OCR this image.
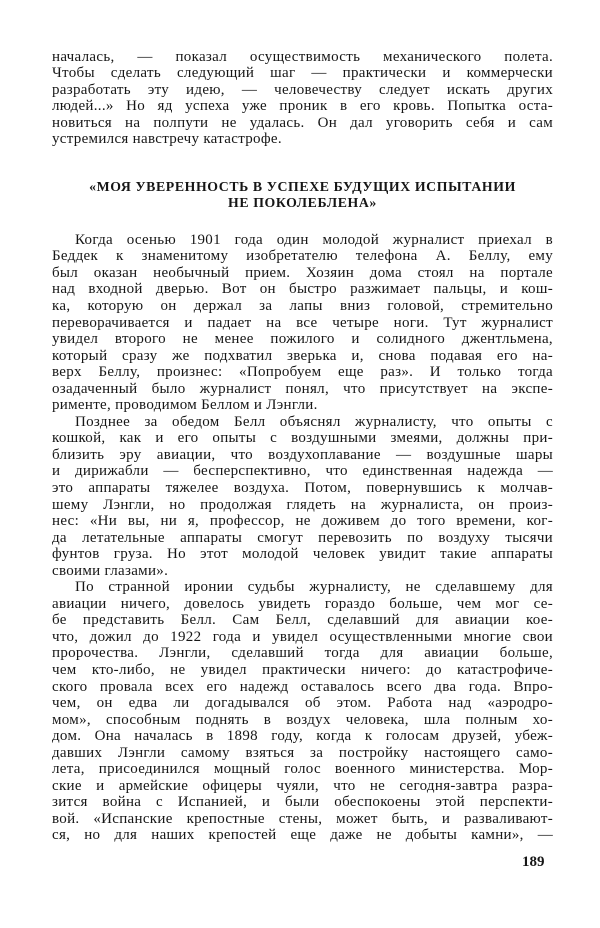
началась, — показал осуществимость механического полета.
Чтобы сделать следующий шаг — практически и коммерчески
разработать эту идею, — человечеству следует искать других
людей...» Но яд успеха уже проник в его кровь. Попытка оста-
новиться на полпути не удалась. Он дал уговорить себя и сам
устремился навстречу катастрофе.
«МОЯ УВЕРЕННОСТЬ В УСПЕХЕ БУДУЩИХ ИСПЫТАНИИ
НЕ ПОКОЛЕБЛЕНА»
Когда осенью 1901 года один молодой журналист приехал в
Беддек к знаменитому изобретателю телефона А. Беллу, ему
был оказан необычный прием. Хозяин дома стоял на портале
над входной дверью. Вот он быстро разжимает пальцы, и кош-
ка, которую он держал за лапы вниз головой, стремительно
переворачивается и падает на все четыре ноги. Тут журналист
увидел второго не менее пожилого и солидного джентльмена,
который сразу же подхватил зверька и, снова подавая его на-
верх Беллу, произнес: «Попробуем еще раз». И только тогда
озадаченный было журналист понял, что присутствует на экспе-
рименте, проводимом Беллом и Лэнгли.
Позднее за обедом Белл объяснял журналисту, что опыты с
кошкой, как и его опыты с воздушными змеями, должны при-
близить эру авиации, что воздухоплавание — воздушные шары
и дирижабли — бесперспективно, что единственная надежда —
это аппараты тяжелее воздуха. Потом, повернувшись к молчав-
шему Лэнгли, но продолжая глядеть на журналиста, он произ-
нес: «Ни вы, ни я, профессор, не доживем до того времени, ког-
да летательные аппараты смогут перевозить по воздуху тысячи
фунтов груза. Но этот молодой человек увидит такие аппараты
своими глазами».
По странной иронии судьбы журналисту, не сделавшему для
авиации ничего, довелось увидеть гораздо больше, чем мог се-
бе представить Белл. Сам Белл, сделавший для авиации кое-
что, дожил до 1922 года и увидел осуществленными многие свои
пророчества. Лэнгли, сделавший тогда для авиации больше,
чем кто-либо, не увидел практически ничего: до катастрофиче-
ского провала всех его надежд оставалось всего два года. Впро-
чем, он едва ли догадывался об этом. Работа над «аэродро-
мом», способным поднять в воздух человека, шла полным хо-
дом. Она началась в 1898 году, когда к голосам друзей, убеж-
давших Лэнгли самому взяться за постройку настоящего само-
лета, присоединился мощный голос военного министерства. Мор-
ские и армейские офицеры чуяли, что не сегодня-завтра разра-
зится война с Испанией, и были обеспокоены этой перспекти-
вой. «Испанские крепостные стены, может быть, и разваливают-
ся, но для наших крепостей еще даже не добыты камни», —
189
